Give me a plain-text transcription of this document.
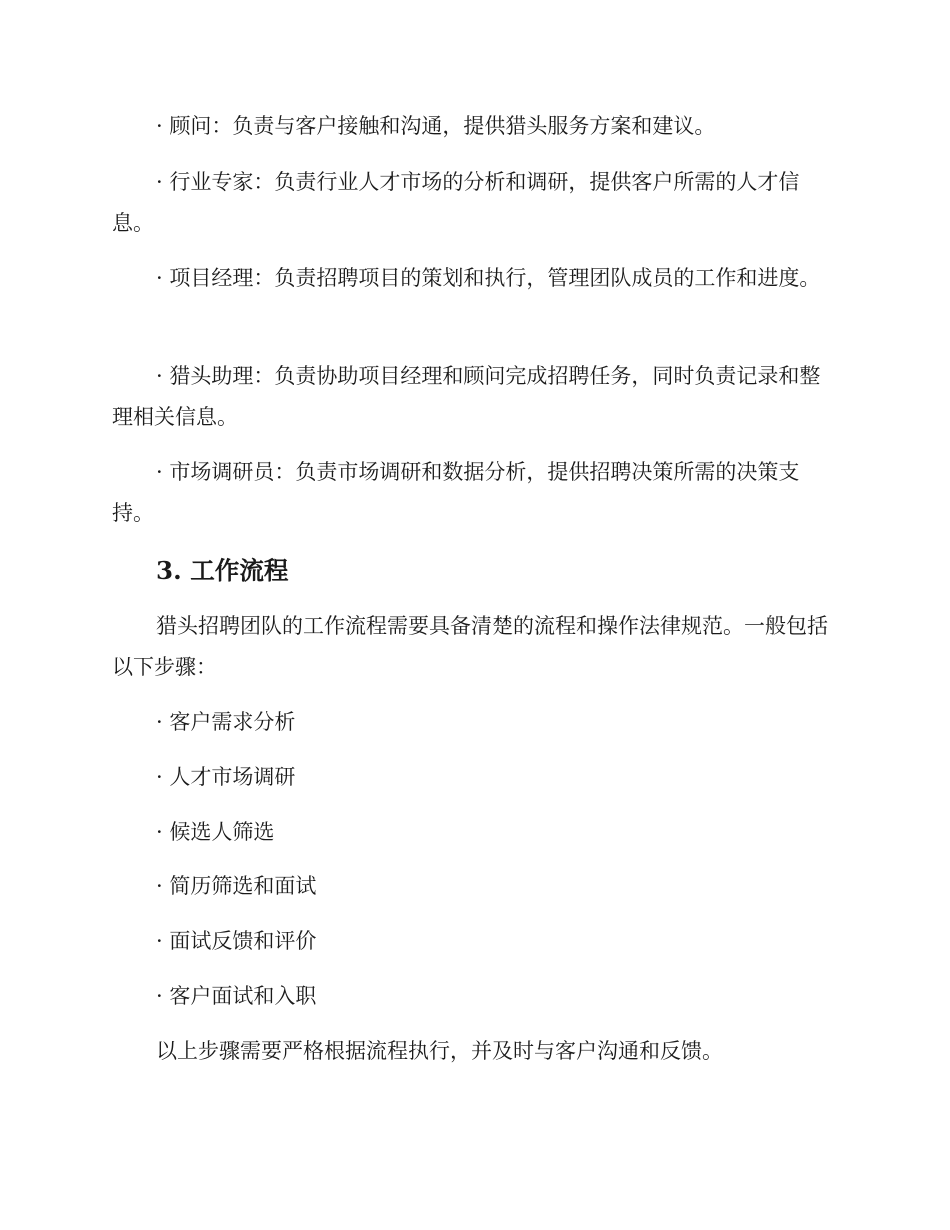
· 顾问：负责与客户接触和沟通，提供猎头服务方案和建议。

· 行业专家：负责行业人才市场的分析和调研，提供客户所需的人才信息。

· 项目经理：负责招聘项目的策划和执行，管理团队成员的工作和进度。

· 猎头助理：负责协助项目经理和顾问完成招聘任务，同时负责记录和整理相关信息。

· 市场调研员：负责市场调研和数据分析，提供招聘决策所需的决策支持。

3. 工作流程

猎头招聘团队的工作流程需要具备清楚的流程和操作法律规范。一般包括以下步骤：

· 客户需求分析

· 人才市场调研

· 候选人筛选

· 简历筛选和面试

· 面试反馈和评价

· 客户面试和入职

以上步骤需要严格根据流程执行，并及时与客户沟通和反馈。
